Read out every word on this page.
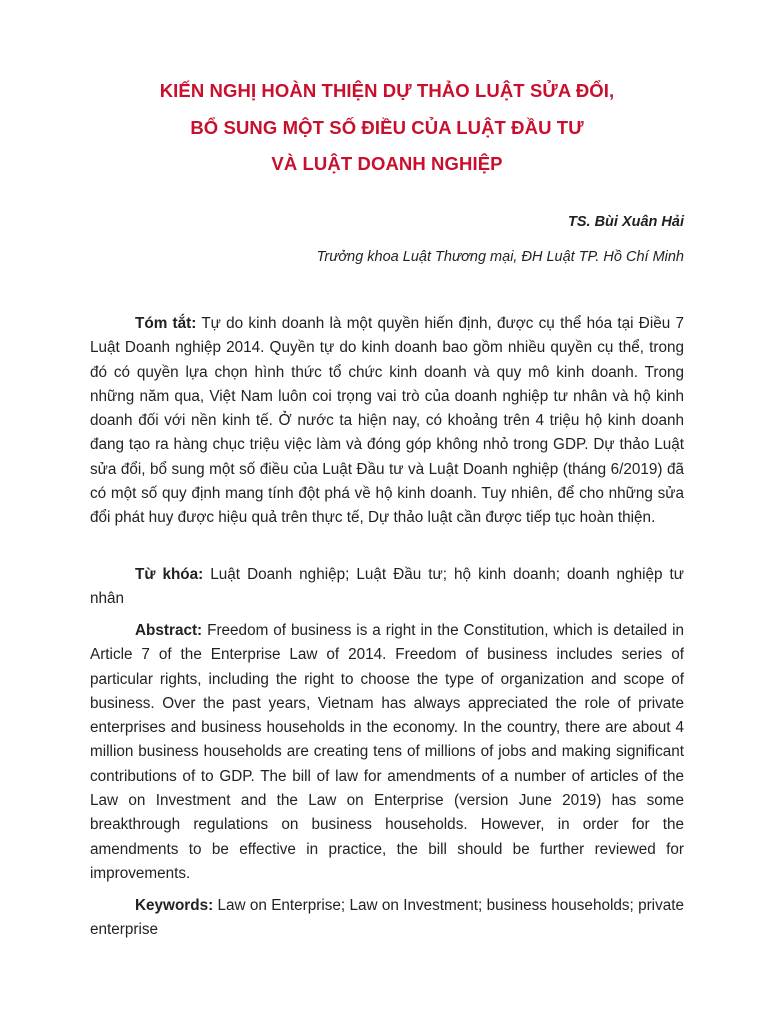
KIẾN NGHỊ HOÀN THIỆN DỰ THẢO LUẬT SỬA ĐỔI,
BỔ SUNG MỘT SỐ ĐIỀU CỦA LUẬT ĐẦU TƯ
VÀ LUẬT DOANH NGHIỆP

TS. Bùi Xuân Hải

Trưởng khoa Luật Thương mại, ĐH Luật TP. Hồ Chí Minh

Tóm tắt: Tự do kinh doanh là một quyền hiến định, được cụ thể hóa tại Điều 7 Luật Doanh nghiệp 2014. Quyền tự do kinh doanh bao gồm nhiều quyền cụ thể, trong đó có quyền lựa chọn hình thức tổ chức kinh doanh và quy mô kinh doanh. Trong những năm qua, Việt Nam luôn coi trọng vai trò của doanh nghiệp tư nhân và hộ kinh doanh đối với nền kinh tế. Ở nước ta hiện nay, có khoảng trên 4 triệu hộ kinh doanh đang tạo ra hàng chục triệu việc làm và đóng góp không nhỏ trong GDP. Dự thảo Luật sửa đổi, bổ sung một số điều của Luật Đầu tư và Luật Doanh nghiệp (tháng 6/2019) đã có một số quy định mang tính đột phá về hộ kinh doanh. Tuy nhiên, để cho những sửa đổi phát huy được hiệu quả trên thực tế, Dự thảo luật cần được tiếp tục hoàn thiện.

Từ khóa: Luật Doanh nghiệp; Luật Đầu tư; hộ kinh doanh; doanh nghiệp tư nhân

Abstract: Freedom of business is a right in the Constitution, which is detailed in Article 7 of the Enterprise Law of 2014. Freedom of business includes series of particular rights, including the right to choose the type of organization and scope of business. Over the past years, Vietnam has always appreciated the role of private enterprises and business households in the economy. In the country, there are about 4 million business households are creating tens of millions of jobs and making significant contributions of to GDP. The bill of law for amendments of a number of articles of the Law on Investment and the Law on Enterprise (version June 2019) has some breakthrough regulations on business households. However, in order for the amendments to be effective in practice, the bill should be further reviewed for improvements.

Keywords: Law on Enterprise; Law on Investment; business households; private enterprise
